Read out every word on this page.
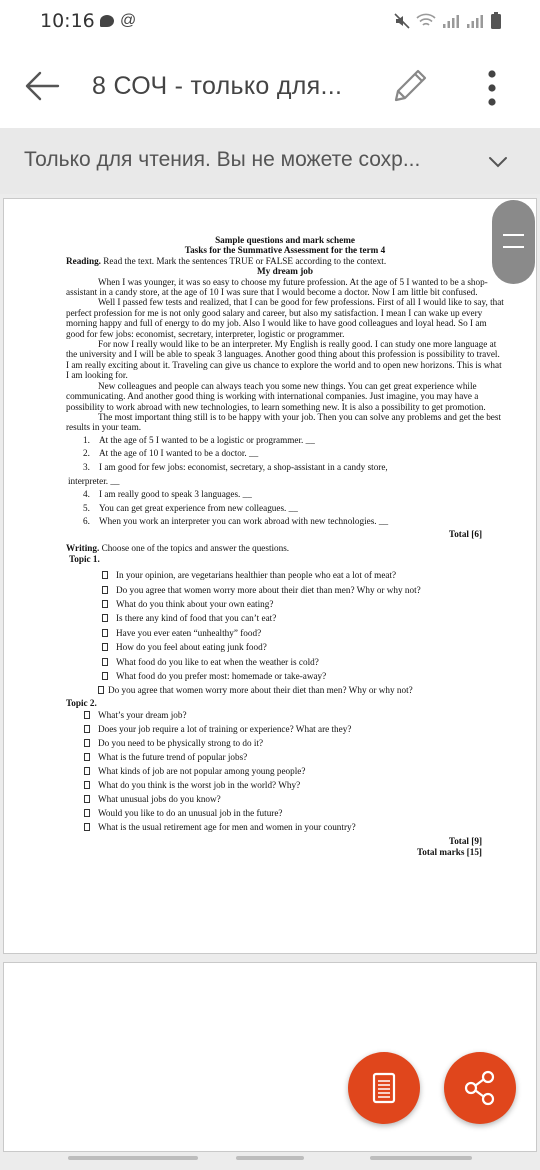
10:16 @
8 СОЧ - только для...
Только для чтения. Вы не можете сохр...

Sample questions and mark scheme

Tasks for the Summative Assessment for the term 4

Reading. Read the text. Mark the sentences TRUE or FALSE according to the context.

My dream job

When I was younger, it was so easy to choose my future profession. At the age of 5 I wanted to be a shop-assistant in a candy store, at the age of 10 I was sure that I would become a doctor. Now I am little bit confused.

Well I passed few tests and realized, that I can be good for few professions. First of all I would like to say, that perfect profession for me is not only good salary and career, but also my satisfaction. I mean I can wake up every morning happy and full of energy to do my job. Also I would like to have good colleagues and loyal head. So I am good for few jobs: economist, secretary, interpreter, logistic or programmer.

For now I really would like to be an interpreter. My English is really good. I can study one more language at the university and I will be able to speak 3 languages. Another good thing about this profession is possibility to travel. I am really exciting about it. Traveling can give us chance to explore the world and to open new horizons. This is what I am looking for.

New colleagues and people can always teach you some new things. You can get great experience while communicating. And another good thing is working with international companies. Just imagine, you may have a possibility to work abroad with new technologies, to learn something new. It is also a possibility to get promotion.

The most important thing still is to be happy with your job. Then you can solve any problems and get the best results in your team.

1. At the age of 5 I wanted to be a logistic or programmer. __

2. At the age of 10 I wanted to be a doctor. __

3. I am good for few jobs: economist, secretary, a shop-assistant in a candy store,

interpreter. __

4. I am really good to speak 3 languages. __

5. You can get great experience from new colleagues. __

6. When you work an interpreter you can work abroad with new technologies. __

Total [6]

Writing. Choose one of the topics and answer the questions.

Topic 1.

In your opinion, are vegetarians healthier than people who eat a lot of meat?

Do you agree that women worry more about their diet than men? Why or why not?

What do you think about your own eating?

Is there any kind of food that you can’t eat?

Have you ever eaten “unhealthy” food?

How do you feel about eating junk food?

What food do you like to eat when the weather is cold?

What food do you prefer most: homemade or take-away?

Do you agree that women worry more about their diet than men? Why or why not?

Topic 2.

What’s your dream job?

Does your job require a lot of training or experience? What are they?

Do you need to be physically strong to do it?

What is the future trend of popular jobs?

What kinds of job are not popular among young people?

What do you think is the worst job in the world? Why?

What unusual jobs do you know?

Would you like to do an unusual job in the future?

What is the usual retirement age for men and women in your country?

Total [9]

Total marks [15]
